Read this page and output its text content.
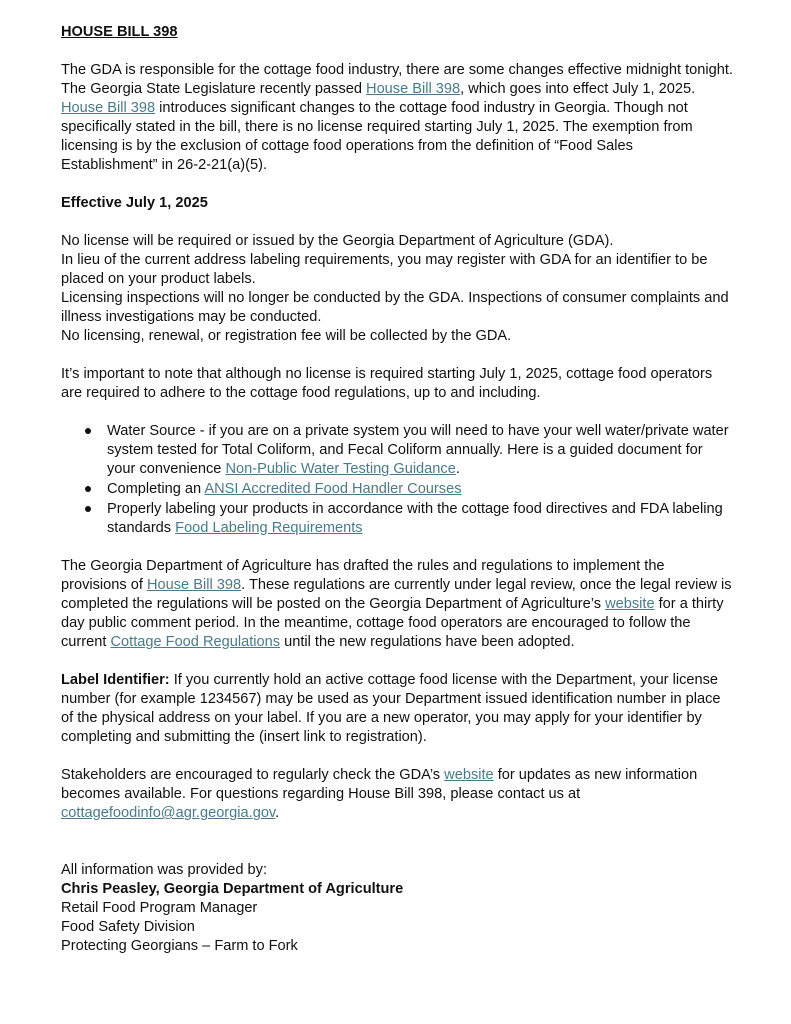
HOUSE BILL 398

The GDA is responsible for the cottage food industry, there are some changes effective midnight tonight. The Georgia State Legislature recently passed House Bill 398, which goes into effect July 1, 2025. House Bill 398 introduces significant changes to the cottage food industry in Georgia. Though not specifically stated in the bill, there is no license required starting July 1, 2025. The exemption from licensing is by the exclusion of cottage food operations from the definition of “Food Sales Establishment” in 26-2-21(a)(5).

Effective July 1, 2025

No license will be required or issued by the Georgia Department of Agriculture (GDA).

In lieu of the current address labeling requirements, you may register with GDA for an identifier to be placed on your product labels.

Licensing inspections will no longer be conducted by the GDA. Inspections of consumer complaints and illness investigations may be conducted.

No licensing, renewal, or registration fee will be collected by the GDA.

It’s important to note that although no license is required starting July 1, 2025, cottage food operators are required to adhere to the cottage food regulations, up to and including.

Water Source - if you are on a private system you will need to have your well water/private water system tested for Total Coliform, and Fecal Coliform annually. Here is a guided document for your convenience Non-Public Water Testing Guidance.
Completing an ANSI Accredited Food Handler Courses
Properly labeling your products in accordance with the cottage food directives and FDA labeling standards Food Labeling Requirements

The Georgia Department of Agriculture has drafted the rules and regulations to implement the provisions of House Bill 398. These regulations are currently under legal review, once the legal review is completed the regulations will be posted on the Georgia Department of Agriculture’s website for a thirty day public comment period. In the meantime, cottage food operators are encouraged to follow the current Cottage Food Regulations until the new regulations have been adopted.

Label Identifier: If you currently hold an active cottage food license with the Department, your license number (for example 1234567) may be used as your Department issued identification number in place of the physical address on your label. If you are a new operator, you may apply for your identifier by completing and submitting the (insert link to registration).

Stakeholders are encouraged to regularly check the GDA’s website for updates as new information becomes available. For questions regarding House Bill 398, please contact us at cottagefoodinfo@agr.georgia.gov.

All information was provided by:

Chris Peasley, Georgia Department of Agriculture

Retail Food Program Manager

Food Safety Division

Protecting Georgians – Farm to Fork
